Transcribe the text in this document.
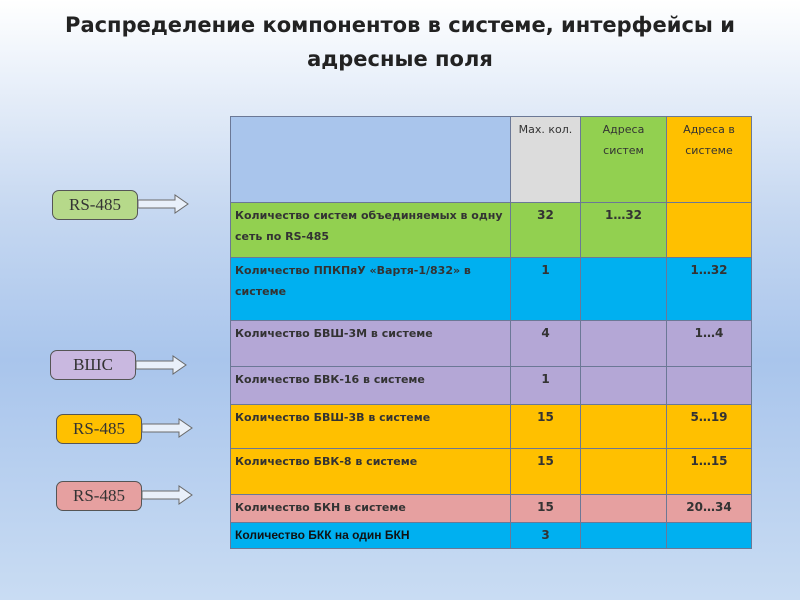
Распределение компонентов в системе, интерфейсы и адресные поля
	Мах. кол.	Адреса систем	Адреса в системе
Количество систем объединяемых в одну сеть по RS-485	32	1…32	
Количество ППКПяУ «Вартя-1/832» в системе	1		1…32
Количество БВШ-3М в системе	4		1…4
Количество БВК-16 в системе	1		
Количество БВШ-3В в системе	15		5…19
Количество БВК-8 в системе	15		1…15
Количество БКН в системе	15		20…34
Количество БКК на один БКН	3		
RS-485
ВШС
RS-485
RS-485
